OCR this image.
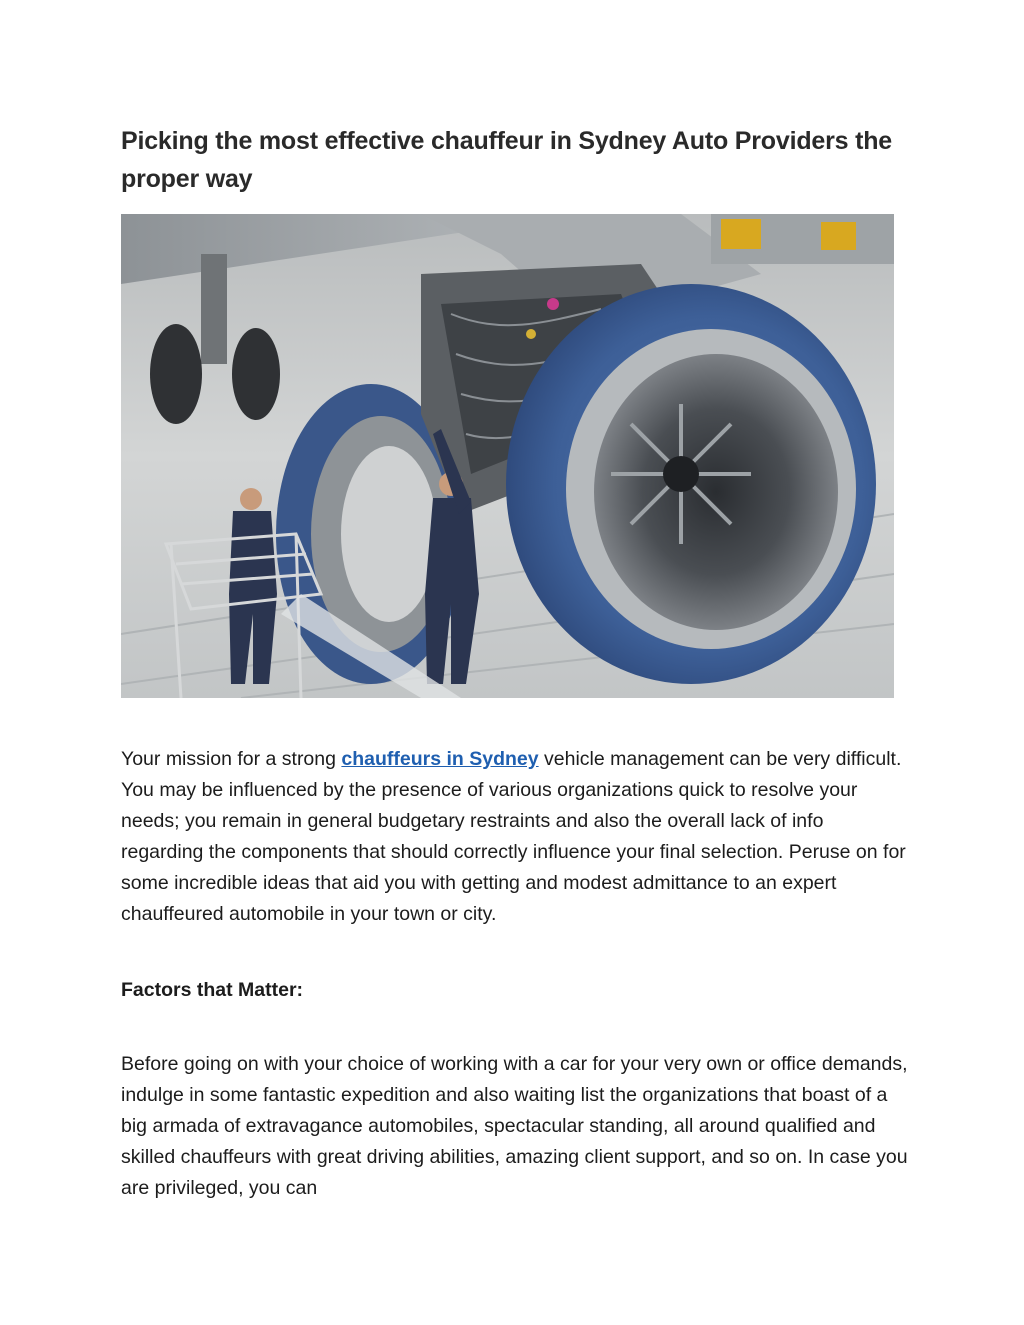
Picking the most effective chauffeur in Sydney Auto Providers the proper way

Your mission for a strong chauffeurs in Sydney vehicle management can be very difficult. You may be influenced by the presence of various organizations quick to resolve your needs; you remain in general budgetary restraints and also the overall lack of info regarding the components that should correctly influence your final selection. Peruse on for some incredible ideas that aid you with getting and modest admittance to an expert chauffeured automobile in your town or city.

Factors that Matter:

Before going on with your choice of working with a car for your very own or office demands, indulge in some fantastic expedition and also waiting list the organizations that boast of a big armada of extravagance automobiles, spectacular standing, all around qualified and skilled chauffeurs with great driving abilities, amazing client support, and so on. In case you are privileged, you can
